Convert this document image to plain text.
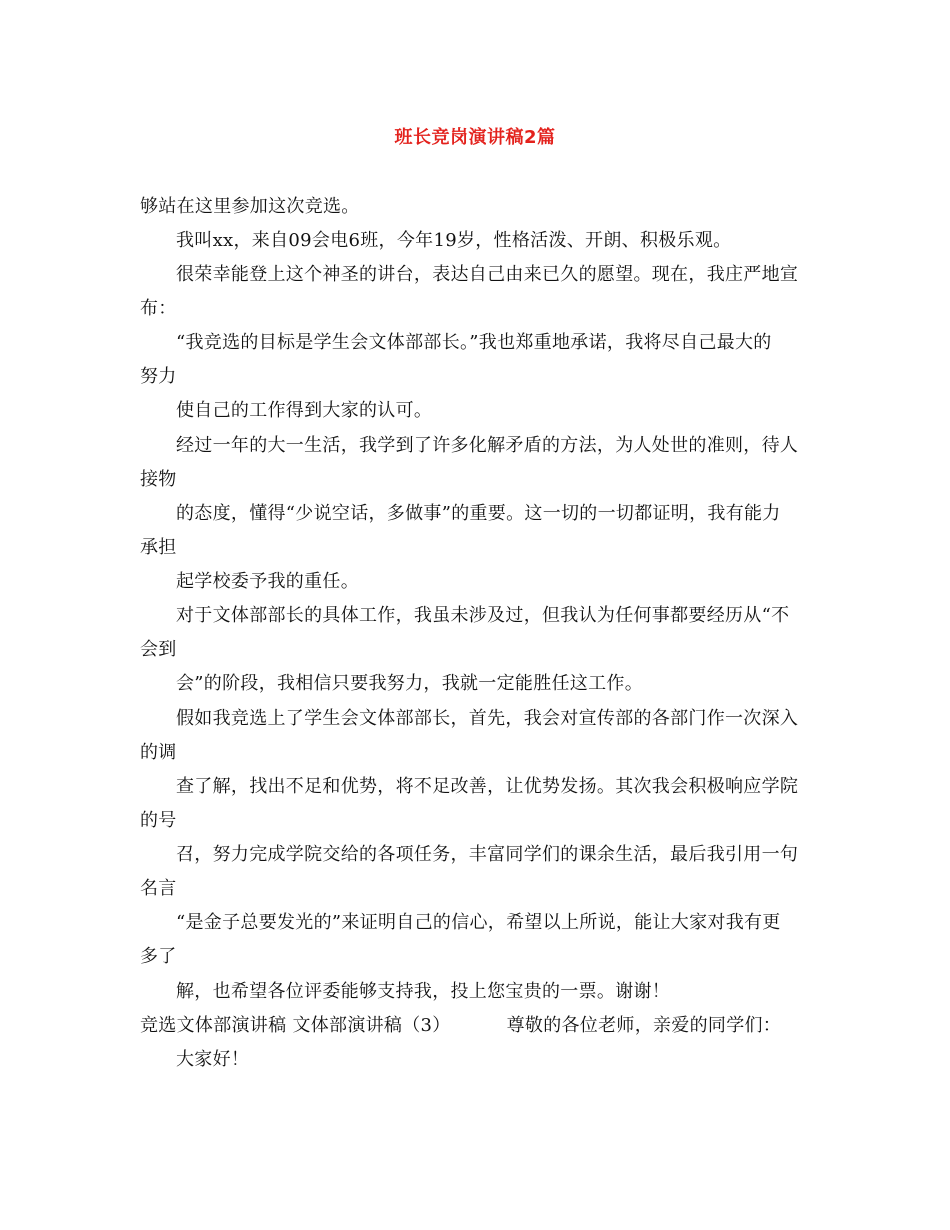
班长竞岗演讲稿2篇
够站在这里参加这次竞选。
我叫xx，来自09会电6班，今年19岁，性格活泼、开朗、积极乐观。
很荣幸能登上这个神圣的讲台，表达自己由来已久的愿望。现在，我庄严地宣
布：
“我竞选的目标是学生会文体部部长。”我也郑重地承诺，我将尽自己最大的
努力
使自己的工作得到大家的认可。
经过一年的大一生活，我学到了许多化解矛盾的方法，为人处世的准则，待人
接物
的态度，懂得“少说空话，多做事”的重要。这一切的一切都证明，我有能力
承担
起学校委予我的重任。
对于文体部部长的具体工作，我虽未涉及过，但我认为任何事都要经历从“不
会到
会”的阶段，我相信只要我努力，我就一定能胜任这工作。
假如我竞选上了学生会文体部部长，首先，我会对宣传部的各部门作一次深入
的调
查了解，找出不足和优势，将不足改善，让优势发扬。其次我会积极响应学院
的号
召，努力完成学院交给的各项任务，丰富同学们的课余生活，最后我引用一句
名言
“是金子总要发光的”来证明自己的信心，希望以上所说，能让大家对我有更
多了
解，也希望各位评委能够支持我，投上您宝贵的一票。谢谢！
竞选文体部演讲稿 文体部演讲稿（3）	尊敬的各位老师，亲爱的同学们：
大家好！
